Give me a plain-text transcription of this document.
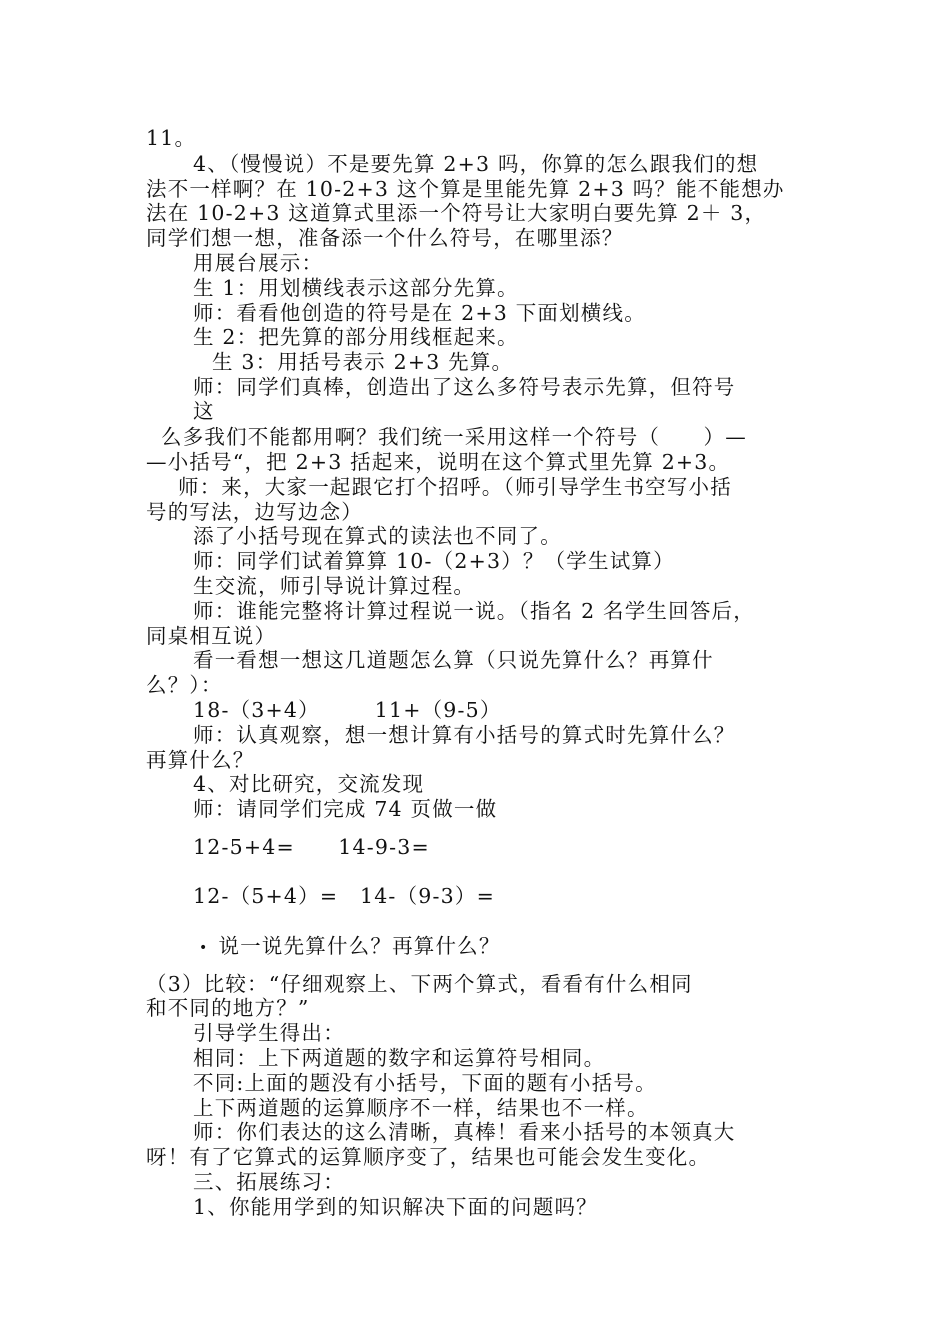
11。
4、（慢慢说）不是要先算 2+3 吗，你算的怎么跟我们的想
法不一样啊？在 10-2+3 这个算是里能先算 2+3 吗？能不能想办
法在 10-2+3 这道算式里添一个符号让大家明白要先算 2＋ 3，
同学们想一想，准备添一个什么符号，在哪里添？
用展台展示：
生 1：用划横线表示这部分先算。
师：看看他创造的符号是在 2+3 下面划横线。
生 2：把先算的部分用线框起来。
生 3：用括号表示 2+3 先算。
师：同学们真棒，创造出了这么多符号表示先算，但符号
这
么多我们不能都用啊？我们统一采用这样一个符号（　　）—
—小括号“，把 2+3 括起来，说明在这个算式里先算 2+3。
师：来，大家一起跟它打个招呼。（师引导学生书空写小括
号的写法，边写边念）
添了小括号现在算式的读法也不同了。
师：同学们试着算算 10-（2+3）？（学生试算）
生交流，师引导说计算过程。
师：谁能完整将计算过程说一说。（指名 2 名学生回答后，
同桌相互说）
看一看想一想这几道题怎么算（只说先算什么？再算什
么？）：
18-（3+4）　　　11+（9-5）
师：认真观察，想一想计算有小括号的算式时先算什么？
再算什么？
4、对比研究，交流发现
师：请同学们完成 74 页做一做
12-5+4=　　14-9-3=
12-（5+4）=　14-（9-3）=
• 说一说先算什么？再算什么？
（3）比较：“仔细观察上、下两个算式，看看有什么相同
和不同的地方？”
引导学生得出：
相同：上下两道题的数字和运算符号相同。
不同:上面的题没有小括号，下面的题有小括号。
上下两道题的运算顺序不一样，结果也不一样。
师：你们表达的这么清晰，真棒！看来小括号的本领真大
呀！有了它算式的运算顺序变了，结果也可能会发生变化。
三、拓展练习：
1、你能用学到的知识解决下面的问题吗？
